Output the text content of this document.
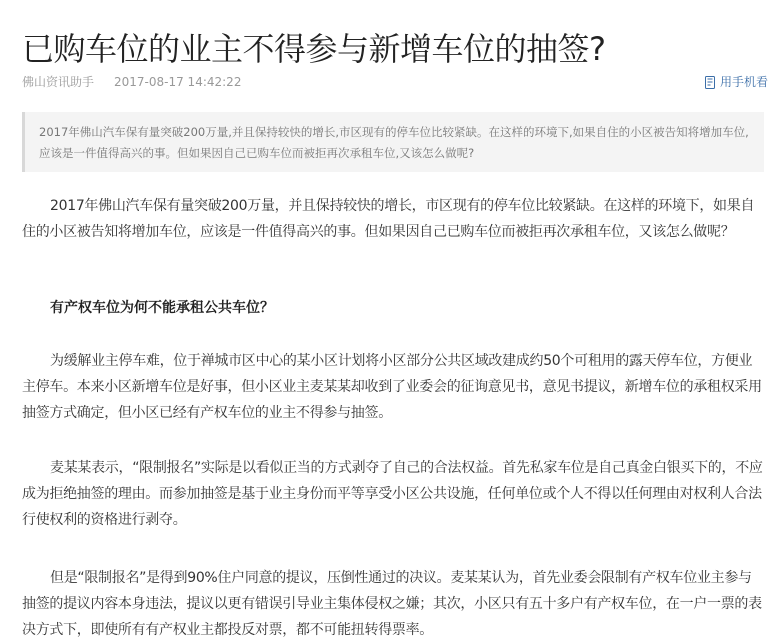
已购车位的业主不得参与新增车位的抽签?
佛山资讯助手 2017-08-17 14:42:22	用手机看
2017年佛山汽车保有量突破200万量,并且保持较快的增长,市区现有的停车位比较紧缺。在这样的环境下,如果自住的小区被告知将增加车位,应该是一件值得高兴的事。但如果因自己已购车位而被拒再次承租车位,又该怎么做呢?

2017年佛山汽车保有量突破200万量，并且保持较快的增长，市区现有的停车位比较紧缺。在这样的环境下，如果自住的小区被告知将增加车位，应该是一件值得高兴的事。但如果因自己已购车位而被拒再次承租车位，又该怎么做呢？

有产权车位为何不能承租公共车位？

为缓解业主停车难，位于禅城市区中心的某小区计划将小区部分公共区域改建成约50个可租用的露天停车位，方便业主停车。本来小区新增车位是好事，但小区业主麦某某却收到了业委会的征询意见书，意见书提议，新增车位的承租权采用抽签方式确定，但小区已经有产权车位的业主不得参与抽签。

麦某某表示，“限制报名”实际是以看似正当的方式剥夺了自己的合法权益。首先私家车位是自己真金白银买下的，不应成为拒绝抽签的理由。而参加抽签是基于业主身份而平等享受小区公共设施，任何单位或个人不得以任何理由对权利人合法行使权利的资格进行剥夺。

但是“限制报名”是得到90%住户同意的提议，压倒性通过的决议。麦某某认为，首先业委会限制有产权车位业主参与抽签的提议内容本身违法，提议以更有错误引导业主集体侵权之嫌；其次，小区只有五十多户有产权车位，在一户一票的表决方式下，即使所有有产权业主都投反对票，都不可能扭转得票率。
